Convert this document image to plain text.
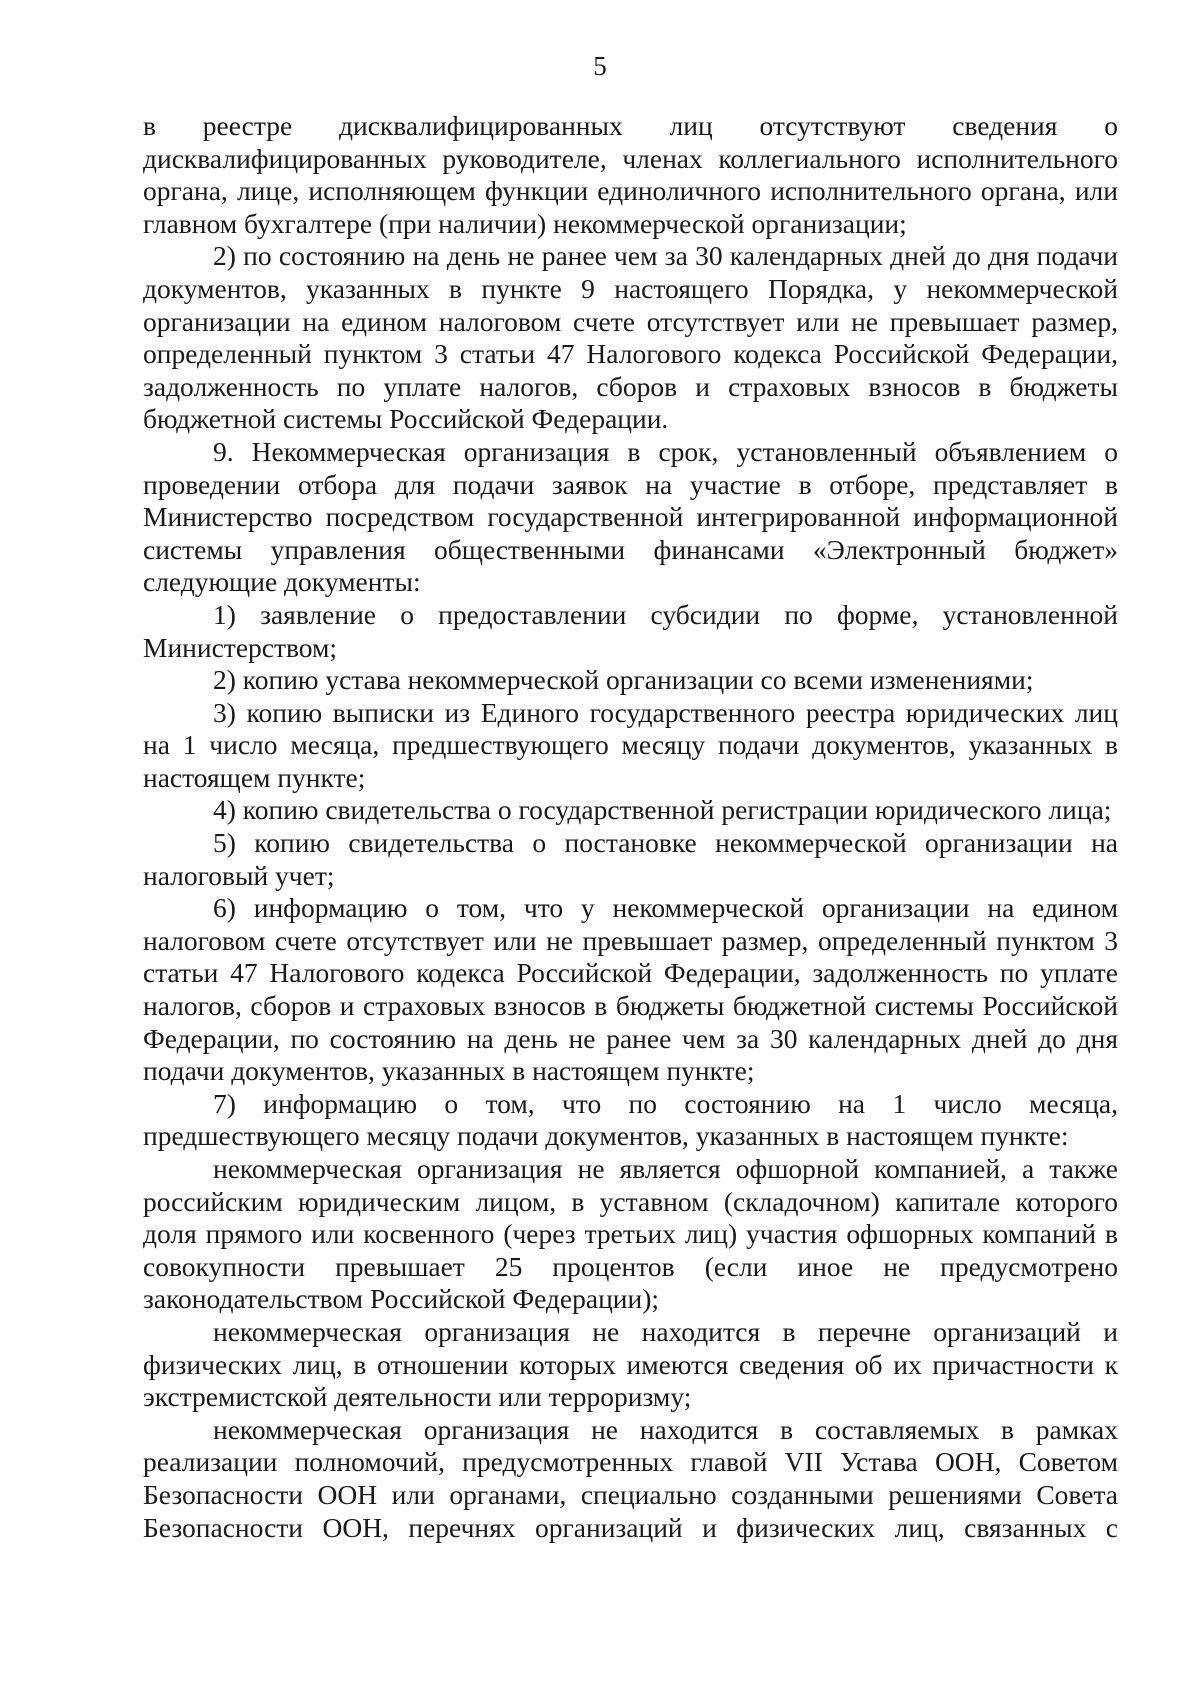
5

в реестре дисквалифицированных лиц отсутствуют сведения о дисквалифицированных руководителе, членах коллегиального исполнительного органа, лице, исполняющем функции единоличного исполнительного органа, или главном бухгалтере (при наличии) некоммерческой организации;

2) по состоянию на день не ранее чем за 30 календарных дней до дня подачи документов, указанных в пункте 9 настоящего Порядка, у некоммерческой организации на едином налоговом счете отсутствует или не превышает размер, определенный пунктом 3 статьи 47 Налогового кодекса Российской Федерации, задолженность по уплате налогов, сборов и страховых взносов в бюджеты бюджетной системы Российской Федерации.

9. Некоммерческая организация в срок, установленный объявлением о проведении отбора для подачи заявок на участие в отборе, представляет в Министерство посредством государственной интегрированной информационной системы управления общественными финансами «Электронный бюджет» следующие документы:

1) заявление о предоставлении субсидии по форме, установленной Министерством;

2) копию устава некоммерческой организации со всеми изменениями;

3) копию выписки из Единого государственного реестра юридических лиц на 1 число месяца, предшествующего месяцу подачи документов, указанных в настоящем пункте;

4) копию свидетельства о государственной регистрации юридического лица;

5) копию свидетельства о постановке некоммерческой организации на налоговый учет;

6) информацию о том, что у некоммерческой организации на едином налоговом счете отсутствует или не превышает размер, определенный пунктом 3 статьи 47 Налогового кодекса Российской Федерации, задолженность по уплате налогов, сборов и страховых взносов в бюджеты бюджетной системы Российской Федерации, по состоянию на день не ранее чем за 30 календарных дней до дня подачи документов, указанных в настоящем пункте;

7) информацию о том, что по состоянию на 1 число месяца, предшествующего месяцу подачи документов, указанных в настоящем пункте:

некоммерческая организация не является офшорной компанией, а также российским юридическим лицом, в уставном (складочном) капитале которого доля прямого или косвенного (через третьих лиц) участия офшорных компаний в совокупности превышает 25 процентов (если иное не предусмотрено законодательством Российской Федерации);

некоммерческая организация не находится в перечне организаций и физических лиц, в отношении которых имеются сведения об их причастности к экстремистской деятельности или терроризму;

некоммерческая организация не находится в составляемых в рамках реализации полномочий, предусмотренных главой VII Устава ООН, Советом Безопасности ООН или органами, специально созданными решениями Совета Безопасности ООН, перечнях организаций и физических лиц, связанных с
